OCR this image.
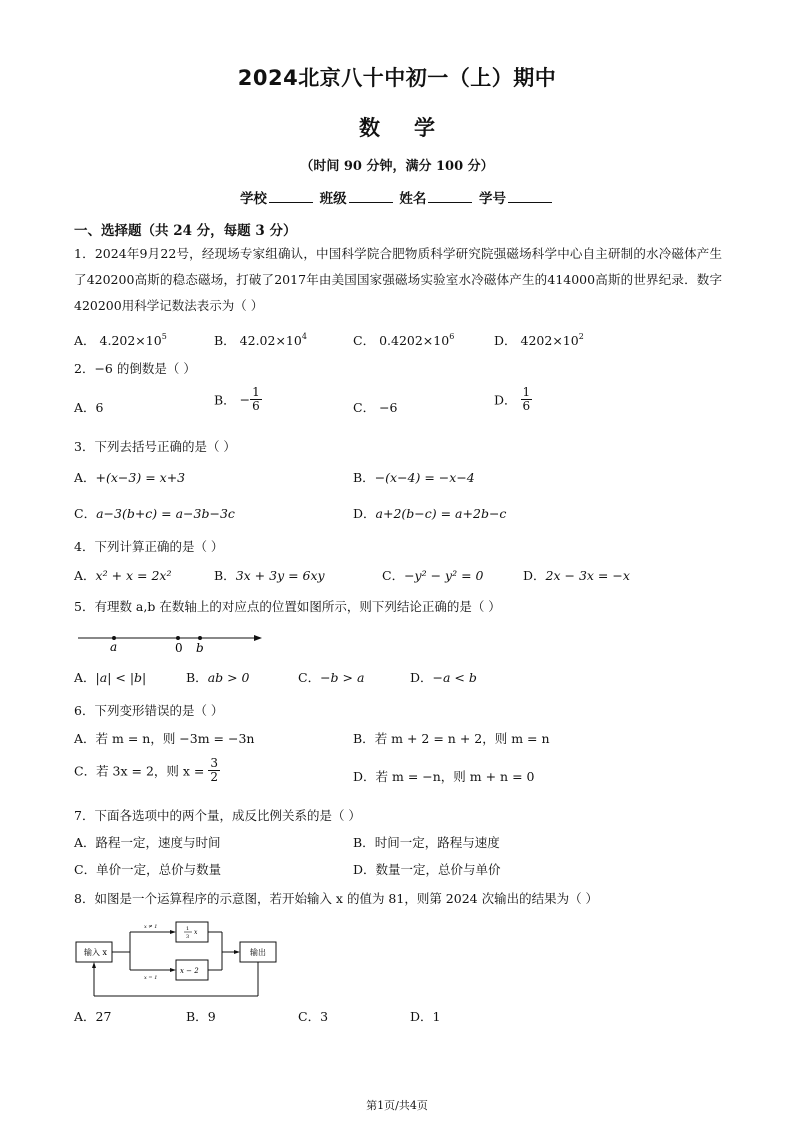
2024北京八十中初一（上）期中
数学
（时间 90 分钟，满分 100 分）
学校	班级	姓名	学号
一、选择题（共 24 分，每题 3 分）
1．2024年9月22号，经现场专家组确认，中国科学院合肥物质科学研究院强磁场科学中心自主研制的水冷磁体产生了420200高斯的稳态磁场，打破了2017年由美国国家强磁场实验室水冷磁体产生的414000高斯的世界纪录．数字420200用科学记数法表示为（ ）
A． $4.202\times 10^5$	B． $42.02\times 10^4$	C． $0.4202\times 10^6$	D． $4202\times 10^2$
2．−6 的倒数是（ ）
A．6	B． − $\frac{1}{6}$	C． −6	D． $\frac{1}{6}$
3．下列去括号正确的是（ ）
A．+(x−3) = x+3	B．−(x−4) = −x−4
C．a−3(b+c) = a−3b−3c	D．a+2(b−c) = a+2b−c
4．下列计算正确的是（ ）
A．x² + x = 2x²	B．3x + 3y = 6xy	C．−y² − y² = 0	D．2x − 3x = −x
5．有理数 a,b 在数轴上的对应点的位置如图所示，则下列结论正确的是（ ）
a	0 b
A．|a| < |b|	B．ab > 0	C．−b > a	D．−a < b
6．下列变形错误的是（ ）
A．若 m = n，则 −3m = −3n	B．若 m + 2 = n + 2，则 m = n
C．若 3x = 2，则 $x = \frac{3}{2}$	D．若 m = −n，则 m + n = 0
7．下面各选项中的两个量，成反比例关系的是（ ）
A．路程一定，速度与时间	B．时间一定，路程与速度
C．单价一定，总价与数量	D．数量一定，总价与单价
8．如图是一个运算程序的示意图，若开始输入 x 的值为 81，则第 2024 次输出的结果为（ ）
输入 x
x ≠ 1
x = 1
1
3
x
x − 2
输出
A．27	B．9	C．3	D．1
第1页/共4页
